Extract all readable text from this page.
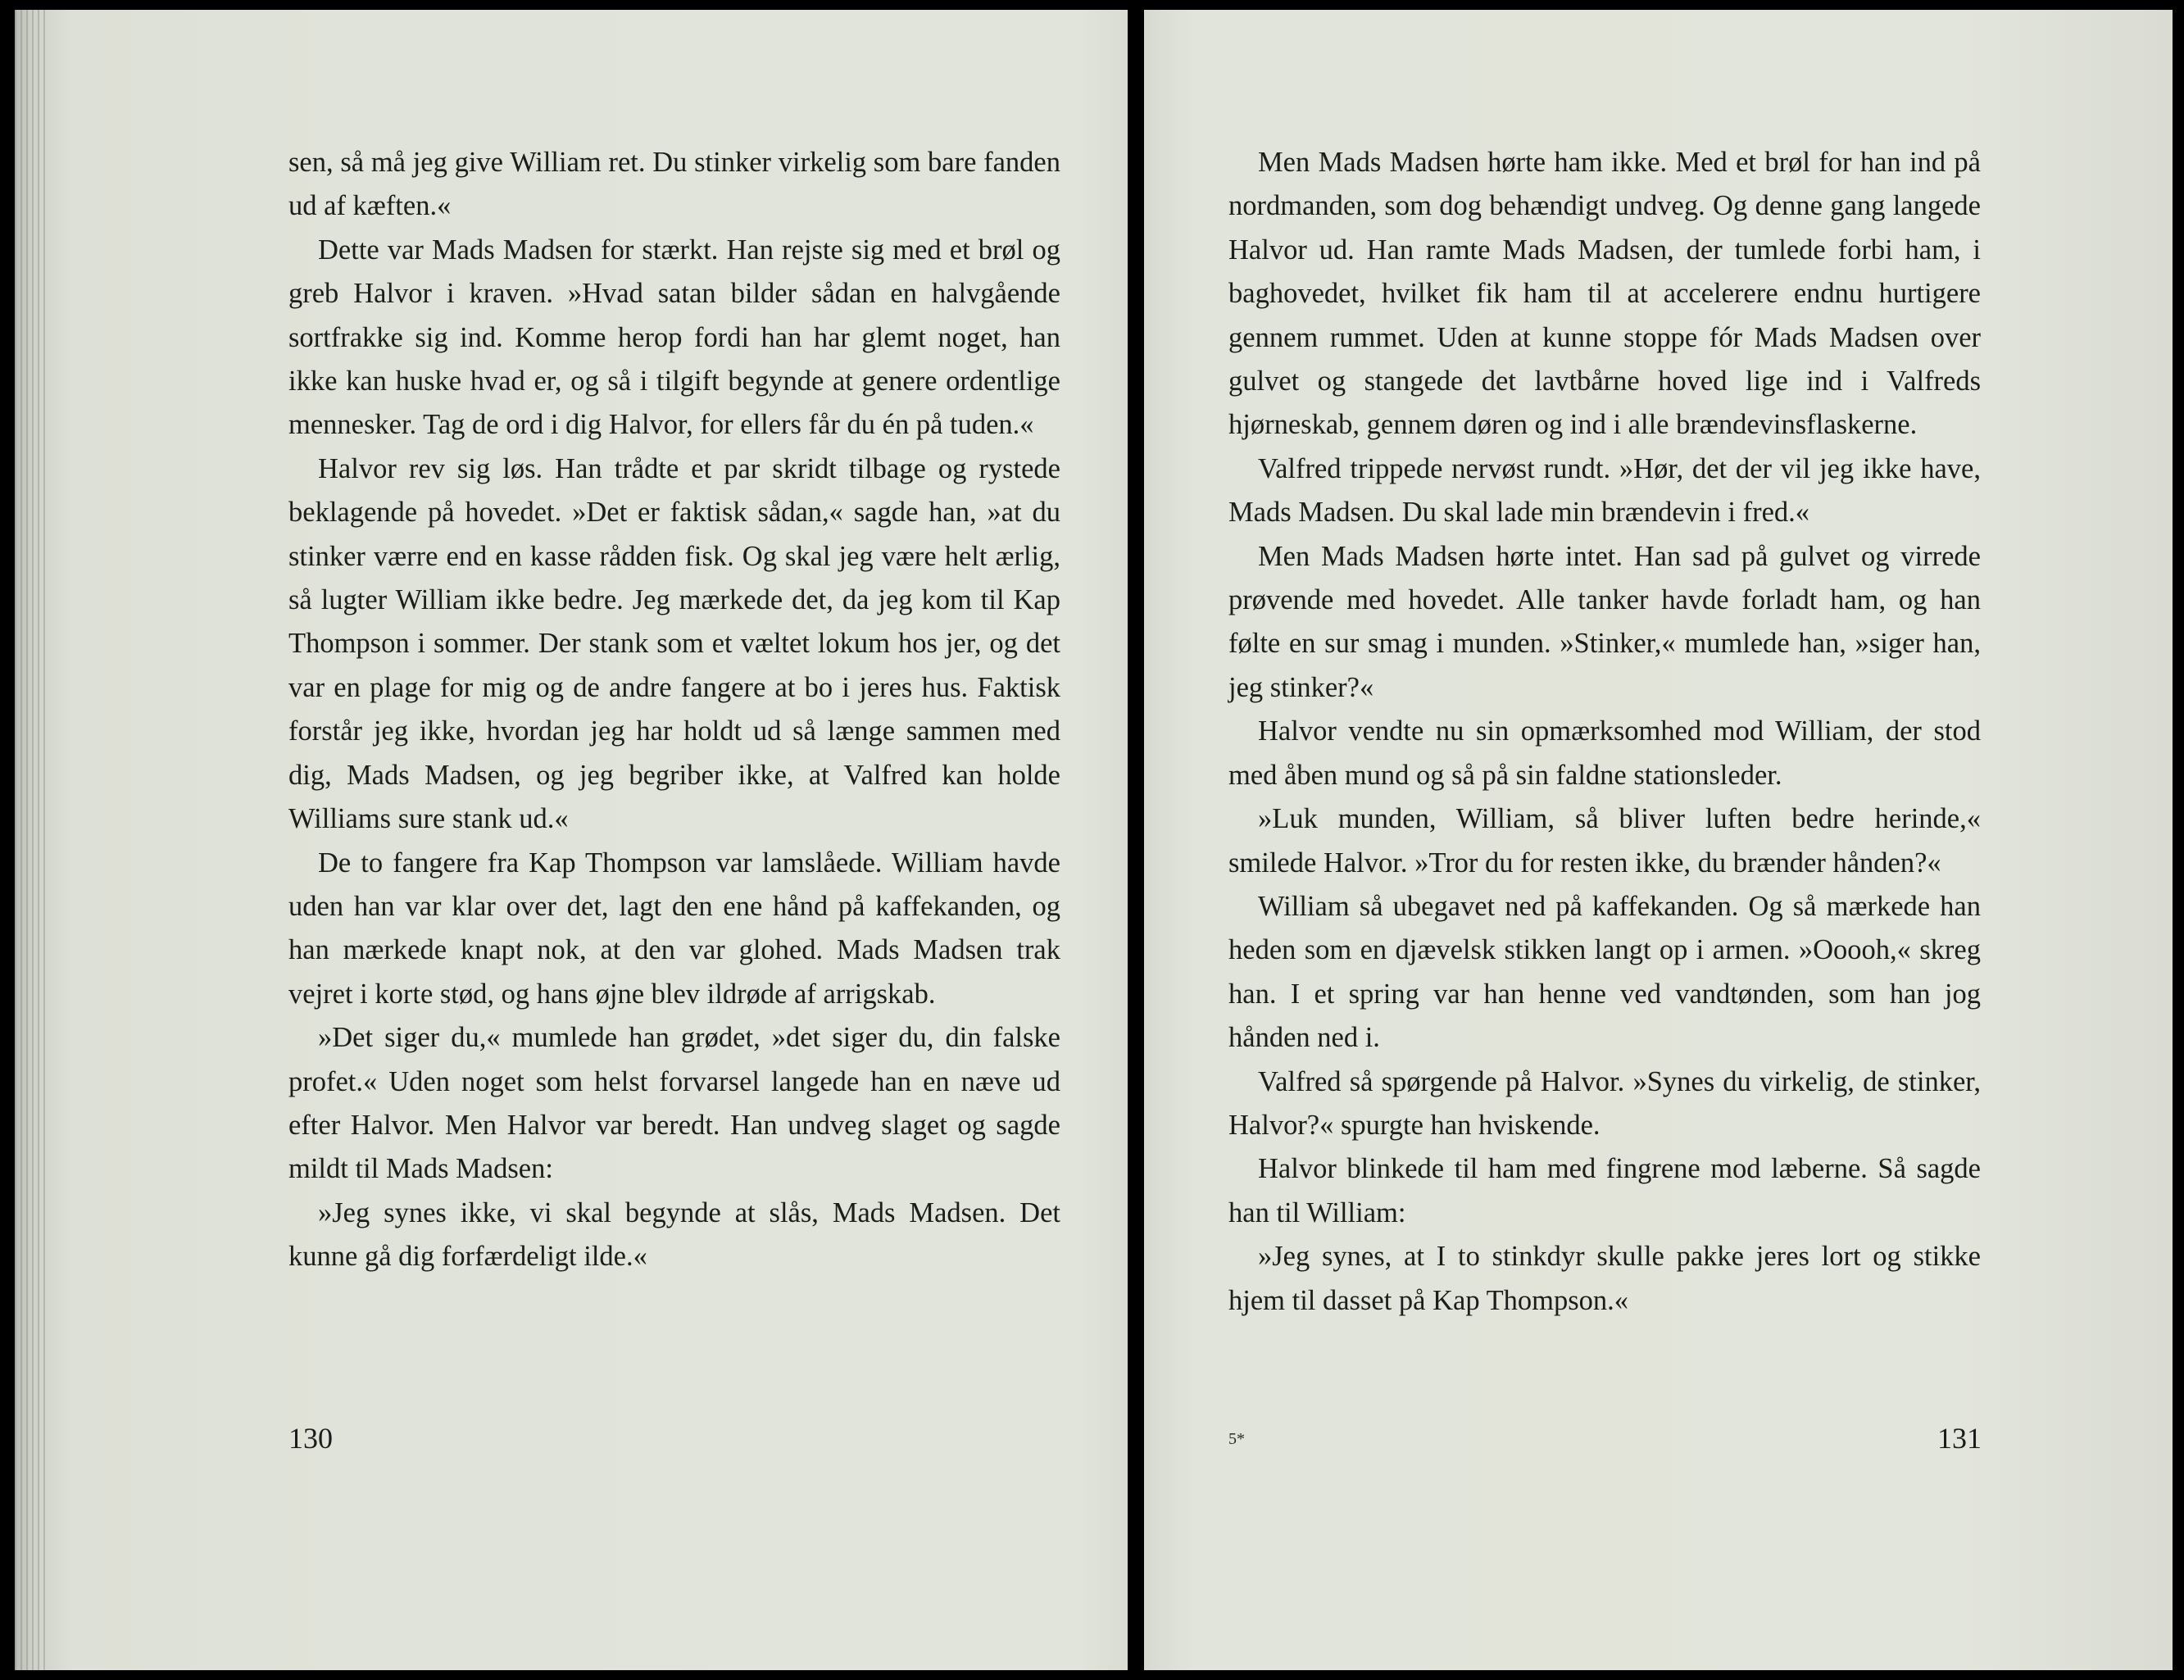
sen, så må jeg give William ret. Du stinker virkelig som bare fanden ud af kæften.«

Dette var Mads Madsen for stærkt. Han rejste sig med et brøl og greb Halvor i kraven. »Hvad satan bilder sådan en halvgående sortfrakke sig ind. Komme herop fordi han har glemt noget, han ikke kan huske hvad er, og så i tilgift begynde at genere ordentlige mennesker. Tag de ord i dig Halvor, for ellers får du én på tuden.«

Halvor rev sig løs. Han trådte et par skridt tilbage og rystede beklagende på hovedet. »Det er faktisk sådan,« sagde han, »at du stinker værre end en kasse rådden fisk. Og skal jeg være helt ærlig, så lugter William ikke bedre. Jeg mærkede det, da jeg kom til Kap Thompson i sommer. Der stank som et væltet lokum hos jer, og det var en plage for mig og de andre fangere at bo i jeres hus. Faktisk forstår jeg ikke, hvordan jeg har holdt ud så længe sammen med dig, Mads Madsen, og jeg begriber ikke, at Valfred kan holde Williams sure stank ud.«

De to fangere fra Kap Thompson var lamslåede. William havde uden han var klar over det, lagt den ene hånd på kaffekanden, og han mærkede knapt nok, at den var glohed. Mads Madsen trak vejret i korte stød, og hans øjne blev ildrøde af arrigskab.

»Det siger du,« mumlede han grødet, »det siger du, din falske profet.« Uden noget som helst forvarsel langede han en næve ud efter Halvor. Men Halvor var beredt. Han undveg slaget og sagde mildt til Mads Madsen:

»Jeg synes ikke, vi skal begynde at slås, Mads Madsen. Det kunne gå dig forfærdeligt ilde.«

130

Men Mads Madsen hørte ham ikke. Med et brøl for han ind på nordmanden, som dog behændigt undveg. Og denne gang langede Halvor ud. Han ramte Mads Madsen, der tumlede forbi ham, i baghovedet, hvilket fik ham til at accelerere endnu hurtigere gennem rummet. Uden at kunne stoppe fór Mads Madsen over gulvet og stangede det lavtbårne hoved lige ind i Valfreds hjørneskab, gennem døren og ind i alle brændevinsflaskerne.

Valfred trippede nervøst rundt. »Hør, det der vil jeg ikke have, Mads Madsen. Du skal lade min brændevin i fred.«

Men Mads Madsen hørte intet. Han sad på gulvet og virrede prøvende med hovedet. Alle tanker havde forladt ham, og han følte en sur smag i munden. »Stinker,« mumlede han, »siger han, jeg stinker?«

Halvor vendte nu sin opmærksomhed mod William, der stod med åben mund og så på sin faldne stationsleder.

»Luk munden, William, så bliver luften bedre herinde,« smilede Halvor. »Tror du for resten ikke, du brænder hånden?«

William så ubegavet ned på kaffekanden. Og så mærkede han heden som en djævelsk stikken langt op i armen. »Ooooh,« skreg han. I et spring var han henne ved vandtønden, som han jog hånden ned i.

Valfred så spørgende på Halvor. »Synes du virkelig, de stinker, Halvor?« spurgte han hviskende.

Halvor blinkede til ham med fingrene mod læberne. Så sagde han til William:

»Jeg synes, at I to stinkdyr skulle pakke jeres lort og stikke hjem til dasset på Kap Thompson.«

5*	131
